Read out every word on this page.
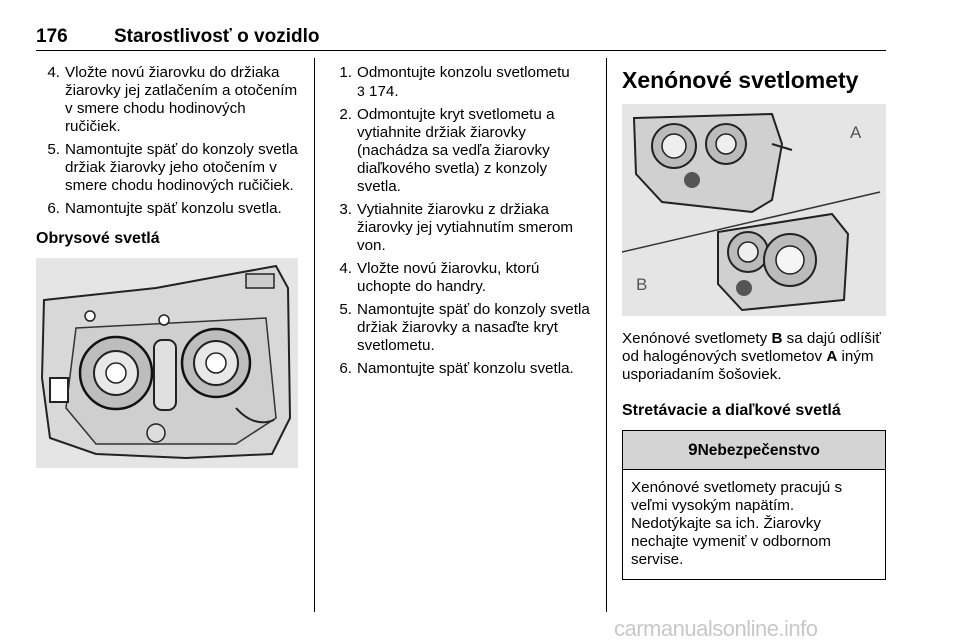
176 Starostlivosť o vozidlo
4. Vložte novú žiarovku do držiaka žiarovky jej zatlačením a otočením v smere chodu hodinových ručičiek.
5. Namontujte späť do konzoly svetla držiak žiarovky jeho otočením v smere chodu hodinových ručičiek.
6. Namontujte späť konzolu svetla.
Obrysové svetlá
1. Odmontujte konzolu svetlometu
3 174.
2. Odmontujte kryt svetlometu a vytiahnite držiak žiarovky (nachádza sa vedľa žiarovky diaľkového svetla) z konzoly svetla.
3. Vytiahnite žiarovku z držiaka žiarovky jej vytiahnutím smerom von.
4. Vložte novú žiarovku, ktorú uchopte do handry.
5. Namontujte späť do konzoly svetla držiak žiarovky a nasaďte kryt svetlometu.
6. Namontujte späť konzolu svetla.
Xenónové svetlomety
A
B
Xenónové svetlomety B sa dajú odlíšiť od halogénových svetlometov A iným usporiadaním šošoviek.
Stretávacie a diaľkové svetlá
9Nebezpečenstvo
Xenónové svetlomety pracujú s veľmi vysokým napätím. Nedotýkajte sa ich. Žiarovky nechajte vymeniť v odbornom servise.
carmanualsonline.info
